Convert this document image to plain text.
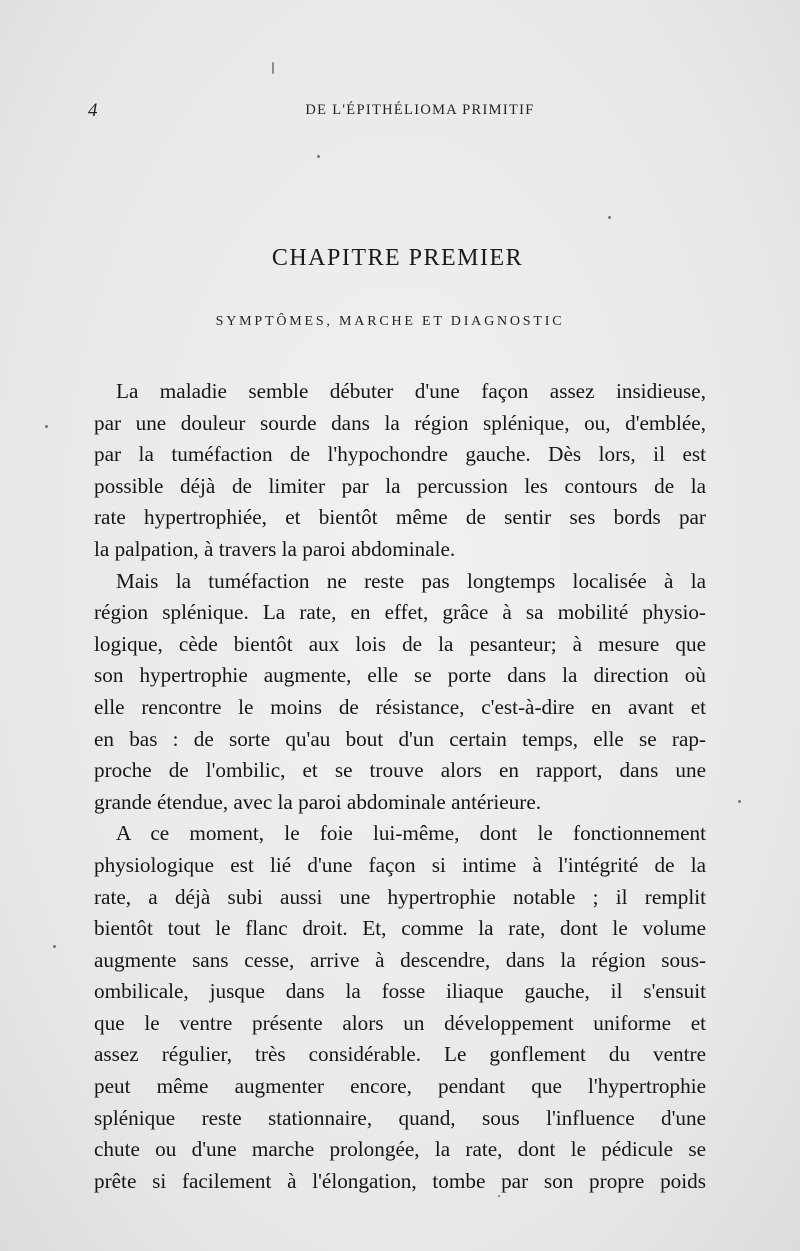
4	DE L'ÉPITHÉLIOMA PRIMITIF
CHAPITRE PREMIER
SYMPTÔMES, MARCHE ET DIAGNOSTIC
La maladie semble débuter d'une façon assez insidieuse,
par une douleur sourde dans la région splénique, ou, d'emblée,
par la tuméfaction de l'hypochondre gauche. Dès lors, il est
possible déjà de limiter par la percussion les contours de la
rate hypertrophiée, et bientôt même de sentir ses bords par
la palpation, à travers la paroi abdominale.
Mais la tuméfaction ne reste pas longtemps localisée à la
région splénique. La rate, en effet, grâce à sa mobilité physio-
logique, cède bientôt aux lois de la pesanteur; à mesure que
son hypertrophie augmente, elle se porte dans la direction où
elle rencontre le moins de résistance, c'est-à-dire en avant et
en bas : de sorte qu'au bout d'un certain temps, elle se rap-
proche de l'ombilic, et se trouve alors en rapport, dans une
grande étendue, avec la paroi abdominale antérieure.
A ce moment, le foie lui-même, dont le fonctionnement
physiologique est lié d'une façon si intime à l'intégrité de la
rate, a déjà subi aussi une hypertrophie notable ; il remplit
bientôt tout le flanc droit. Et, comme la rate, dont le volume
augmente sans cesse, arrive à descendre, dans la région sous-
ombilicale, jusque dans la fosse iliaque gauche, il s'ensuit
que le ventre présente alors un développement uniforme et
assez régulier, très considérable. Le gonflement du ventre
peut même augmenter encore, pendant que l'hypertrophie
splénique reste stationnaire, quand, sous l'influence d'une
chute ou d'une marche prolongée, la rate, dont le pédicule se
prête si facilement à l'élongation, tombe par son propre poids
